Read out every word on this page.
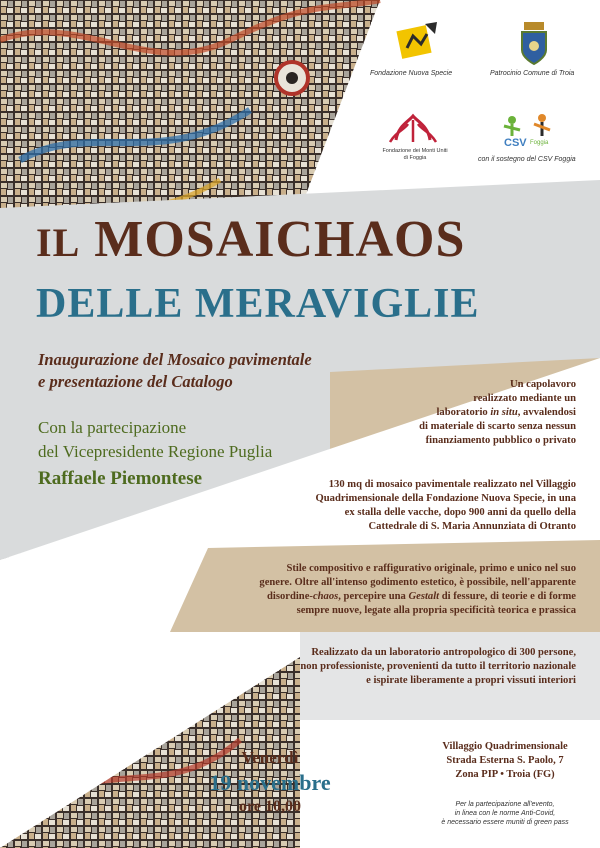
Fondazione Nuova Specie	Patrocinio Comune di Troia
Fondazione dei Monti Uniti
di Foggia
CSV Foggia
con il sostegno del CSV Foggia
IL MOSAICHAOS
DELLE MERAVIGLIE
Inaugurazione del Mosaico pavimentale
e presentazione del Catalogo
Con la partecipazione
del Vicepresidente Regione Puglia
Raffaele Piemontese
Un capolavoro
realizzato mediante un
laboratorio in situ, avvalendosi
di materiale di scarto senza nessun
finanziamento pubblico o privato
130 mq di mosaico pavimentale realizzato nel Villaggio
Quadrimensionale della Fondazione Nuova Specie, in una
ex stalla delle vacche, dopo 900 anni da quello della
Cattedrale di S. Maria Annunziata di Otranto
Stile compositivo e raffigurativo originale, primo e unico nel suo
genere. Oltre all'intenso godimento estetico, è possibile, nell'apparente
disordine-chaos, percepire una Gestalt di fessure, di teorie e di forme
sempre nuove, legate alla propria specificità teorica e prassica
Realizzato da un laboratorio antropologico di 300 persone,
non professioniste, provenienti da tutto il territorio nazionale
e ispirate liberamente a propri vissuti interiori
Venerdì
19 novembre
ore 10,00
Villaggio Quadrimensionale
Strada Esterna S. Paolo, 7
Zona PIP • Troia (FG)
Per la partecipazione all'evento,
in linea con le norme Anti-Covid,
è necessario essere muniti di green pass
